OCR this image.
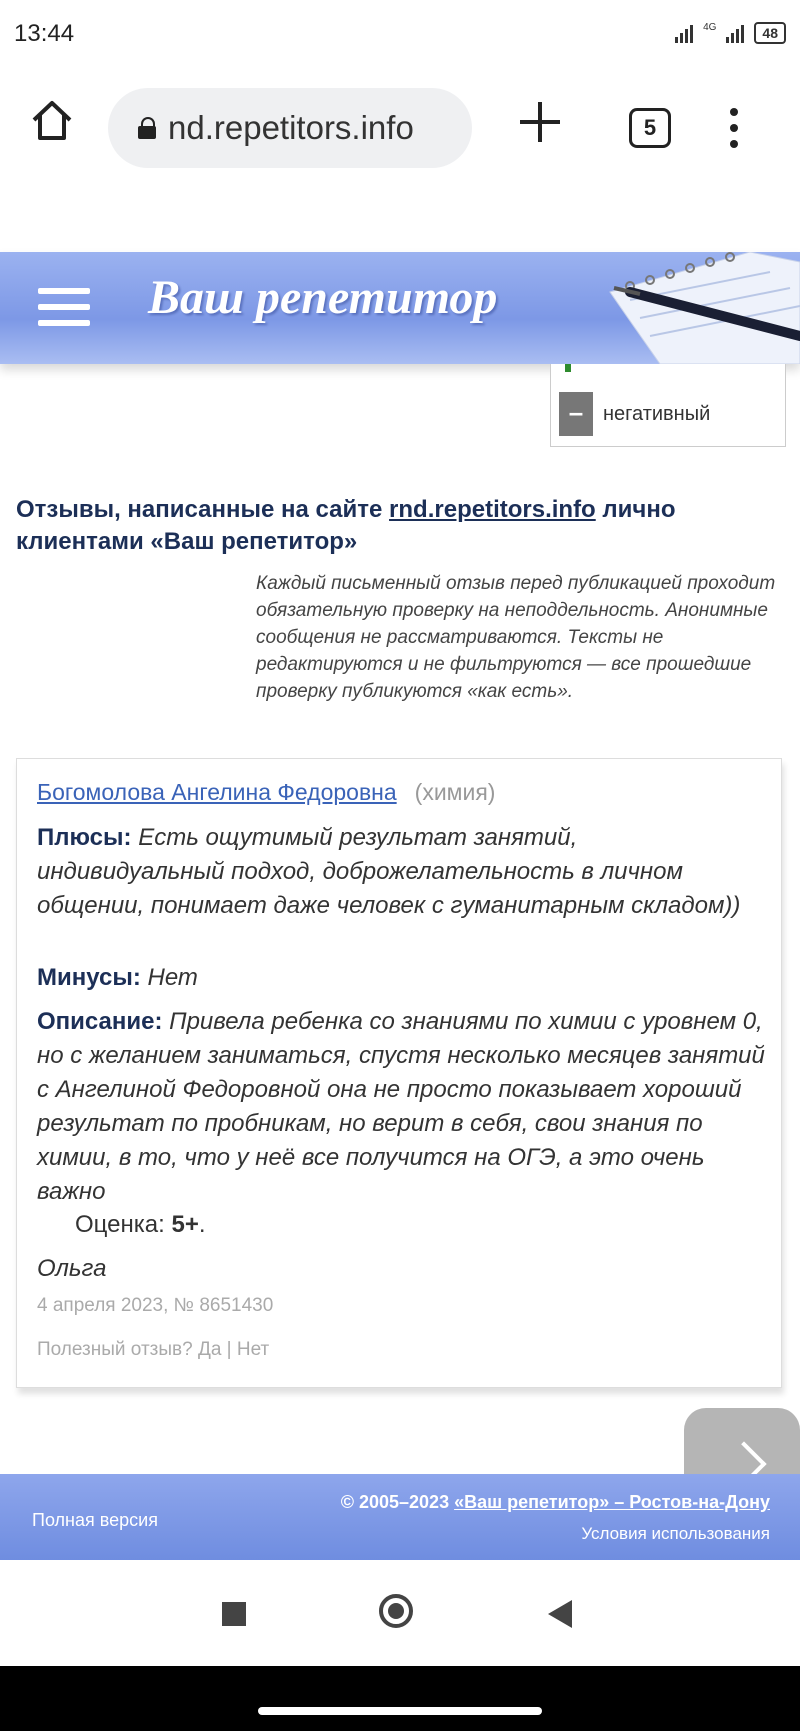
13:44	4G	48
nd.repetitors.info	5
Ваш репетитор
– негативный
Отзывы, написанные на сайте rnd.repetitors.info лично клиентами «Ваш репетитор»
Каждый письменный отзыв перед публикацией проходит обязательную проверку на неподдельность. Анонимные сообщения не рассматриваются. Тексты не редактируются и не фильтруются — все прошедшие проверку публикуются «как есть».
Богомолова Ангелина Федоровна (химия)
Плюсы: Есть ощутимый результат занятий, индивидуальный подход, доброжелательность в личном общении, понимает даже человек с гуманитарным складом))
Минусы: Нет
Описание: Привела ребенка со знаниями по химии с уровнем 0, но с желанием заниматься, спустя несколько месяцев занятий с Ангелиной Федоровной она не просто показывает хороший результат по пробникам, но верит в себя, свои знания по химии, в то, что у неё все получится на ОГЭ, а это очень важно
Оценка: 5+.
Ольга
4 апреля 2023, № 8651430
Полезный отзыв? Да | Нет
Полная версия
© 2005–2023 «Ваш репетитор» – Ростов-на-Дону
Условия использования
